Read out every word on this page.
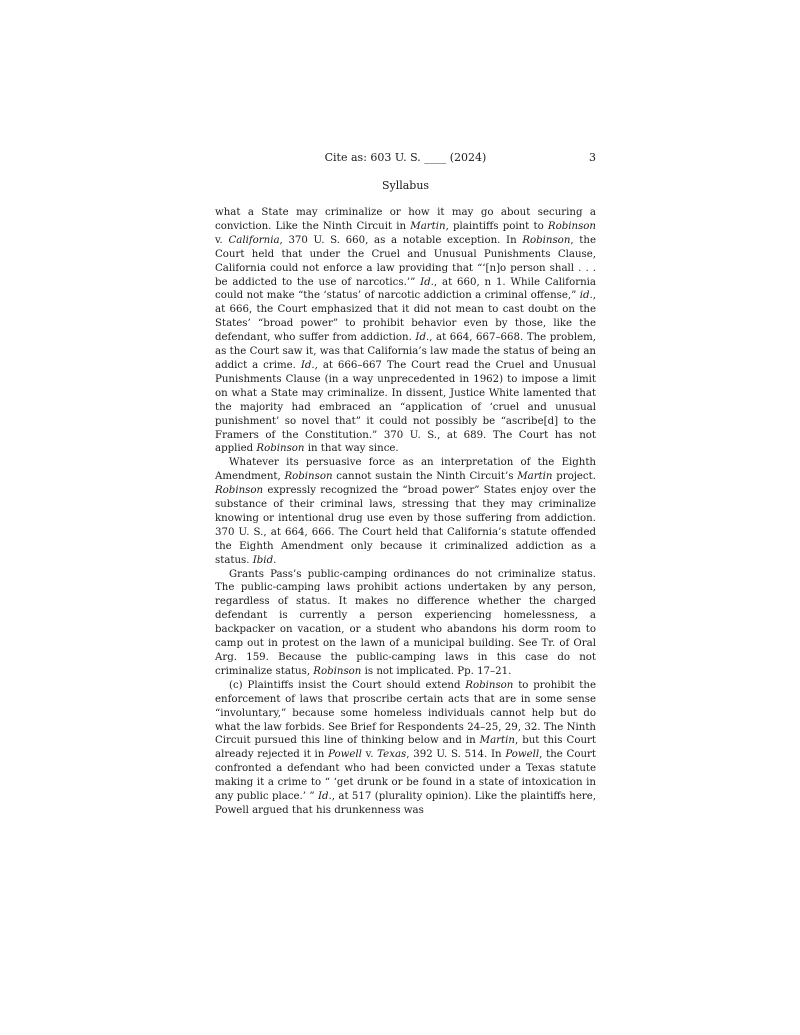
Cite as: 603 U. S. ____ (2024)	3
Syllabus

what a State may criminalize or how it may go about securing a conviction. Like the Ninth Circuit in Martin, plaintiffs point to Robinson v. California, 370 U. S. 660, as a notable exception. In Robinson, the Court held that under the Cruel and Unusual Punishments Clause, California could not enforce a law providing that “‘[n]o person shall . . . be addicted to the use of narcotics.’” Id., at 660, n 1. While California could not make “the ‘status’ of narcotic addiction a criminal offense,” id., at 666, the Court emphasized that it did not mean to cast doubt on the States’ “broad power” to prohibit behavior even by those, like the defendant, who suffer from addiction. Id., at 664, 667–668. The problem, as the Court saw it, was that California’s law made the status of being an addict a crime. Id., at 666–667 The Court read the Cruel and Unusual Punishments Clause (in a way unprecedented in 1962) to impose a limit on what a State may criminalize. In dissent, Justice White lamented that the majority had embraced an “application of ‘cruel and unusual punishment’ so novel that” it could not possibly be “ascribe[d] to the Framers of the Constitution.” 370 U. S., at 689. The Court has not applied Robinson in that way since.

Whatever its persuasive force as an interpretation of the Eighth Amendment, Robinson cannot sustain the Ninth Circuit’s Martin project. Robinson expressly recognized the “broad power” States enjoy over the substance of their criminal laws, stressing that they may criminalize knowing or intentional drug use even by those suffering from addiction. 370 U. S., at 664, 666. The Court held that California’s statute offended the Eighth Amendment only because it criminalized addiction as a status. Ibid.

Grants Pass’s public-camping ordinances do not criminalize status. The public-camping laws prohibit actions undertaken by any person, regardless of status. It makes no difference whether the charged defendant is currently a person experiencing homelessness, a backpacker on vacation, or a student who abandons his dorm room to camp out in protest on the lawn of a municipal building. See Tr. of Oral Arg. 159. Because the public-camping laws in this case do not criminalize status, Robinson is not implicated. Pp. 17–21.

(c) Plaintiffs insist the Court should extend Robinson to prohibit the enforcement of laws that proscribe certain acts that are in some sense “involuntary,” because some homeless individuals cannot help but do what the law forbids. See Brief for Respondents 24–25, 29, 32. The Ninth Circuit pursued this line of thinking below and in Martin, but this Court already rejected it in Powell v. Texas, 392 U. S. 514. In Powell, the Court confronted a defendant who had been convicted under a Texas statute making it a crime to “ ‘get drunk or be found in a state of intoxication in any public place.’ ” Id., at 517 (plurality opinion). Like the plaintiffs here, Powell argued that his drunkenness was
